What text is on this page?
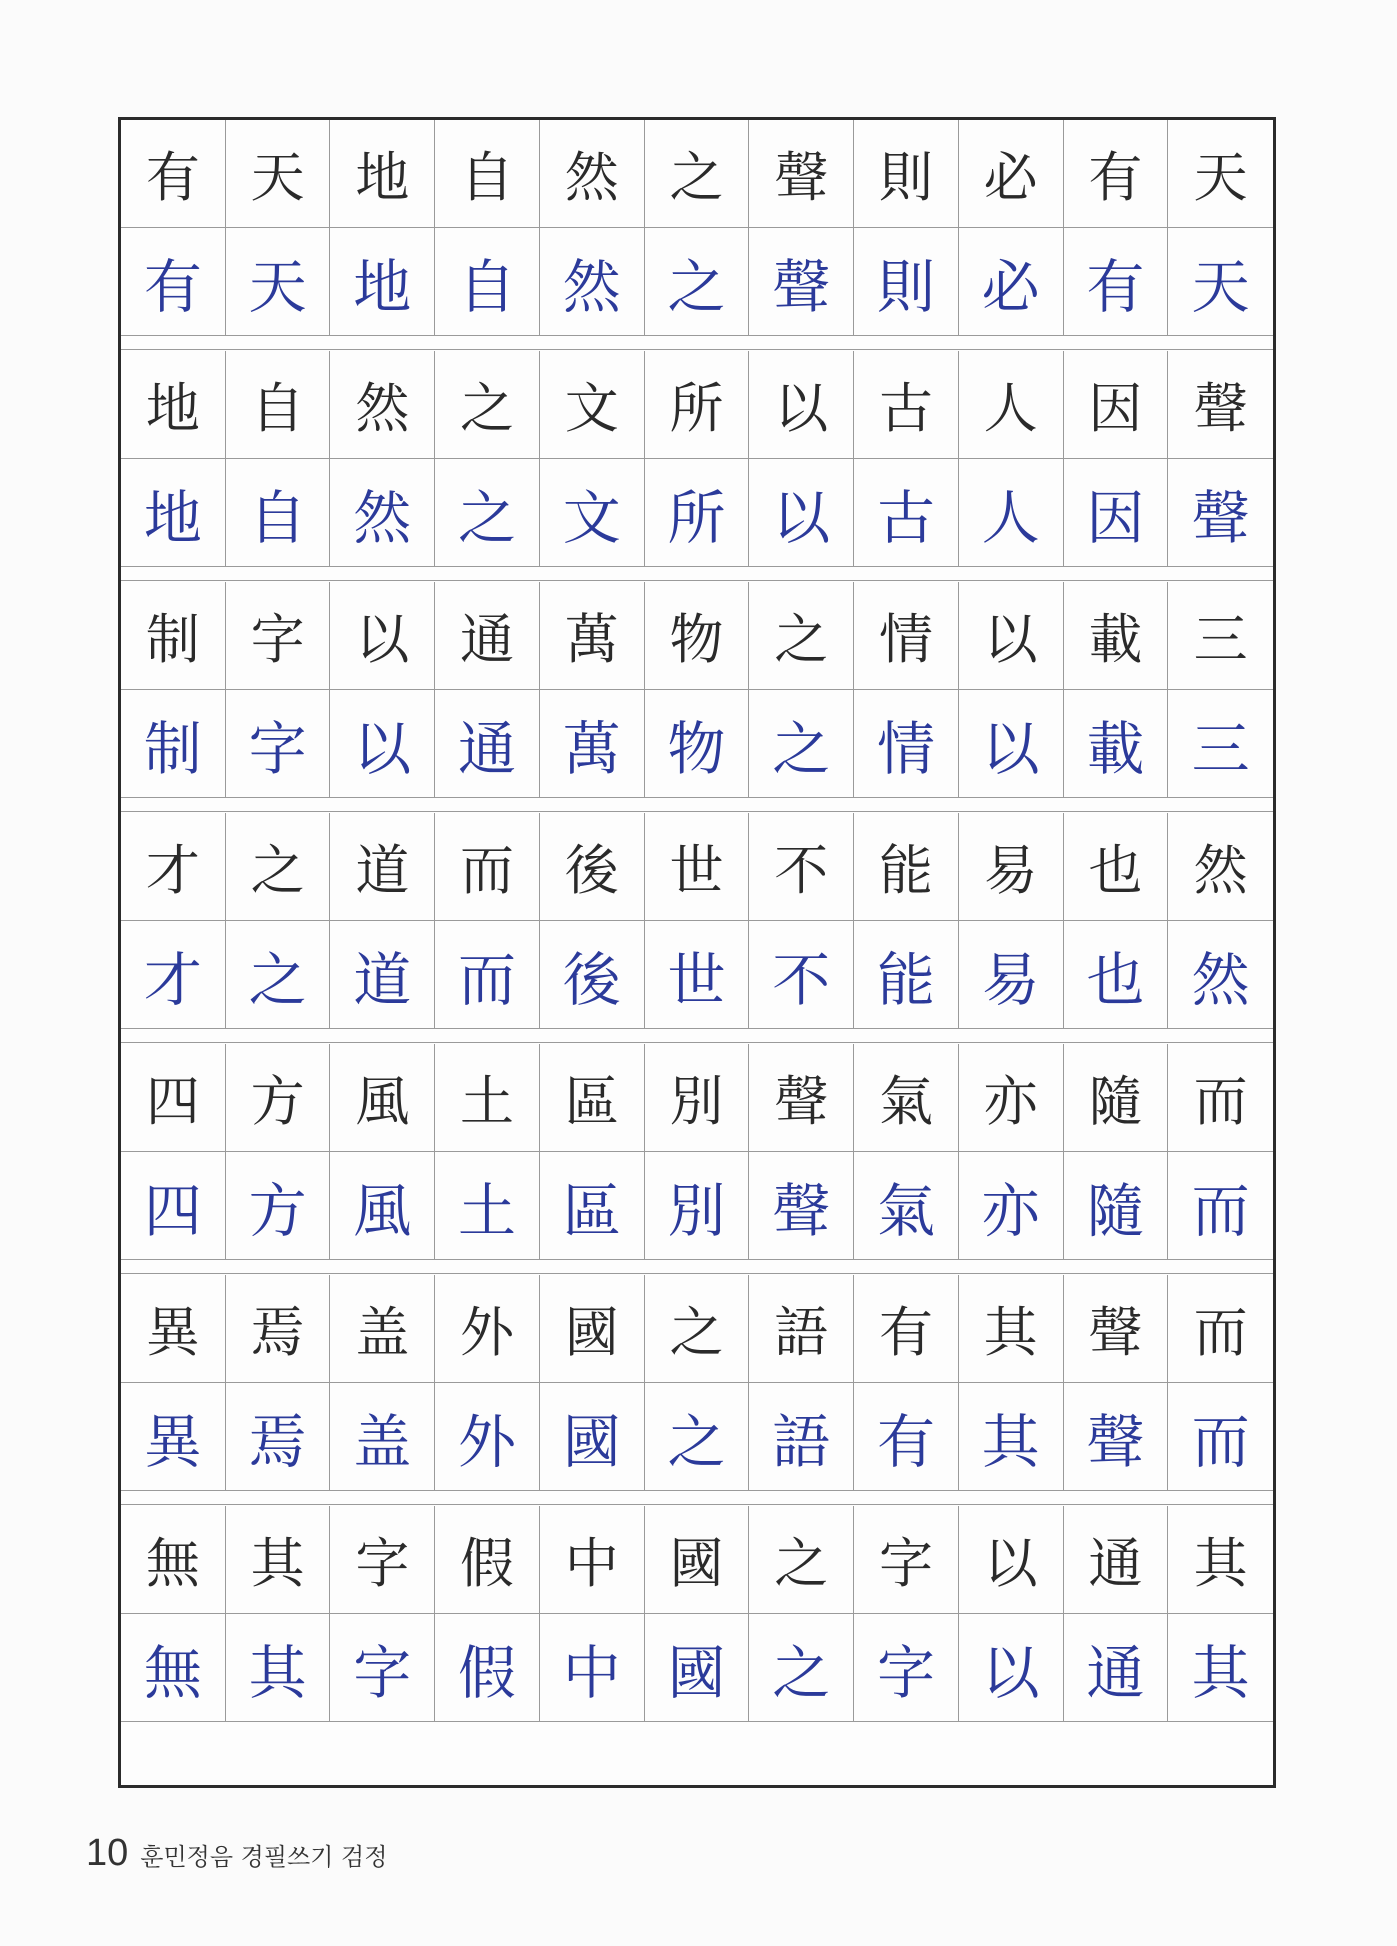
有 天 地 自 然 之 聲 則 必 有 天
有 天 地 自 然 之 聲 則 必 有 天
地 自 然 之 文 所 以 古 人 因 聲
地 自 然 之 文 所 以 古 人 因 聲
制 字 以 通 萬 物 之 情 以 載 三
制 字 以 通 萬 物 之 情 以 載 三
才 之 道 而 後 世 不 能 易 也 然
才 之 道 而 後 世 不 能 易 也 然
四 方 風 土 區 別 聲 氣 亦 隨 而
四 方 風 土 區 別 聲 氣 亦 隨 而
異 焉 盖 外 國 之 語 有 其 聲 而
異 焉 盖 外 國 之 語 有 其 聲 而
無 其 字 假 中 國 之 字 以 通 其
無 其 字 假 中 國 之 字 以 通 其
10 훈민정음 경필쓰기 검정
